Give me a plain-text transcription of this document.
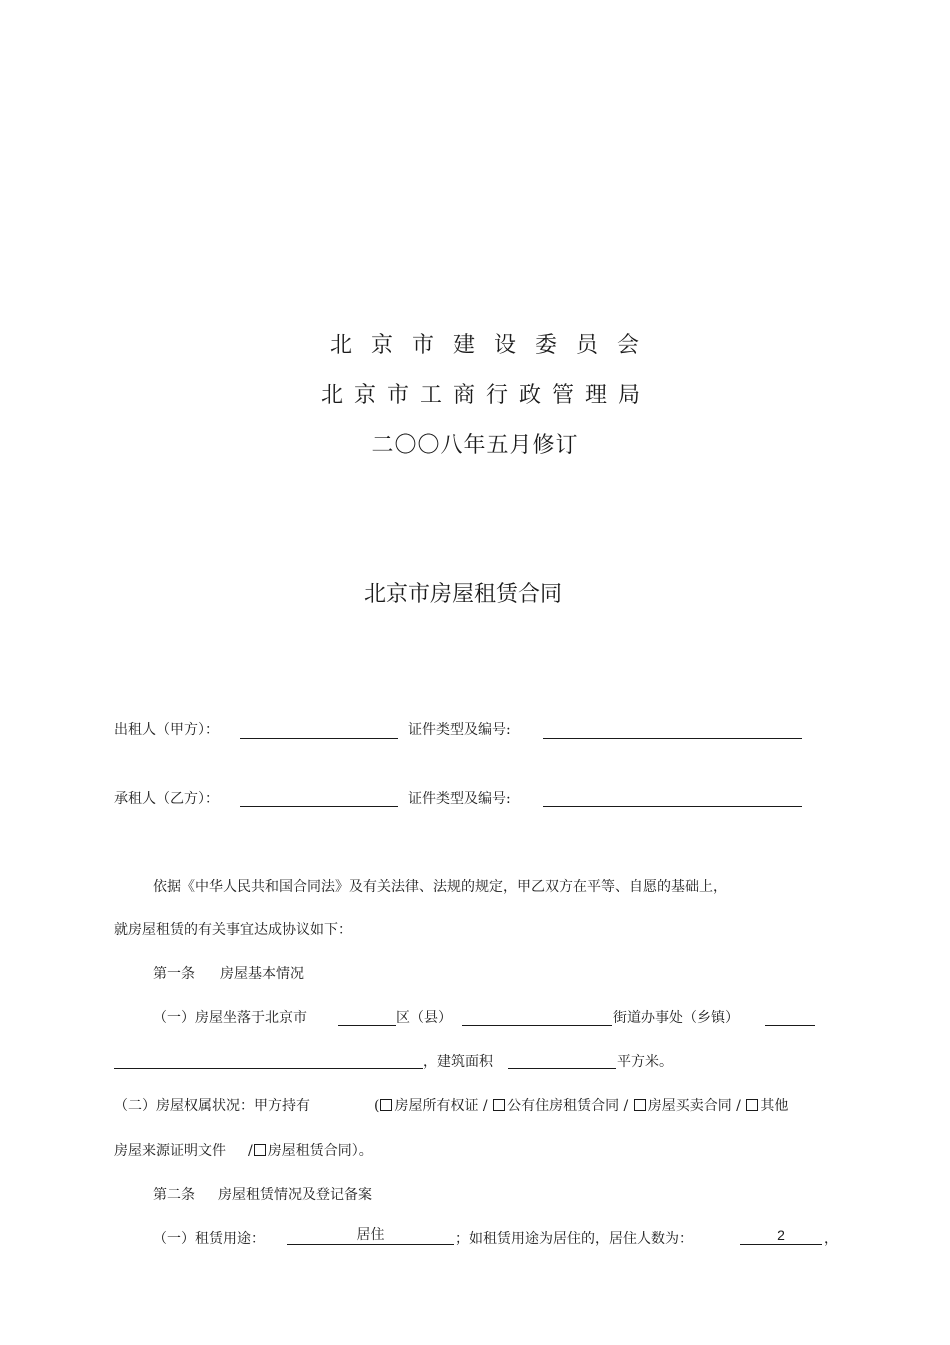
北京市建设委员会
北京市工商行政管理局
二〇〇八年五月修订
北京市房屋租赁合同
出租人（甲方）：	证件类型及编号:
承租人（乙方）：	证件类型及编号:
依据《中华人民共和国合同法》及有关法律、法规的规定，甲乙双方在平等、自愿的基础上，
就房屋租赁的有关事宜达成协议如下：
第一条 房屋基本情况
（一）房屋坐落于北京市	区（县）	街道办事处（乡镇）
，建筑面积	平方米。
（二）房屋权属状况：甲方持有	( 房屋所有权证 / 公有住房租赁合同 / 房屋买卖合同 / 其他
房屋来源证明文件 / 房屋租赁合同）。
第二条 房屋租赁情况及登记备案
（一）租赁用途：	居住	；如租赁用途为居住的，居住人数为：	2	，
